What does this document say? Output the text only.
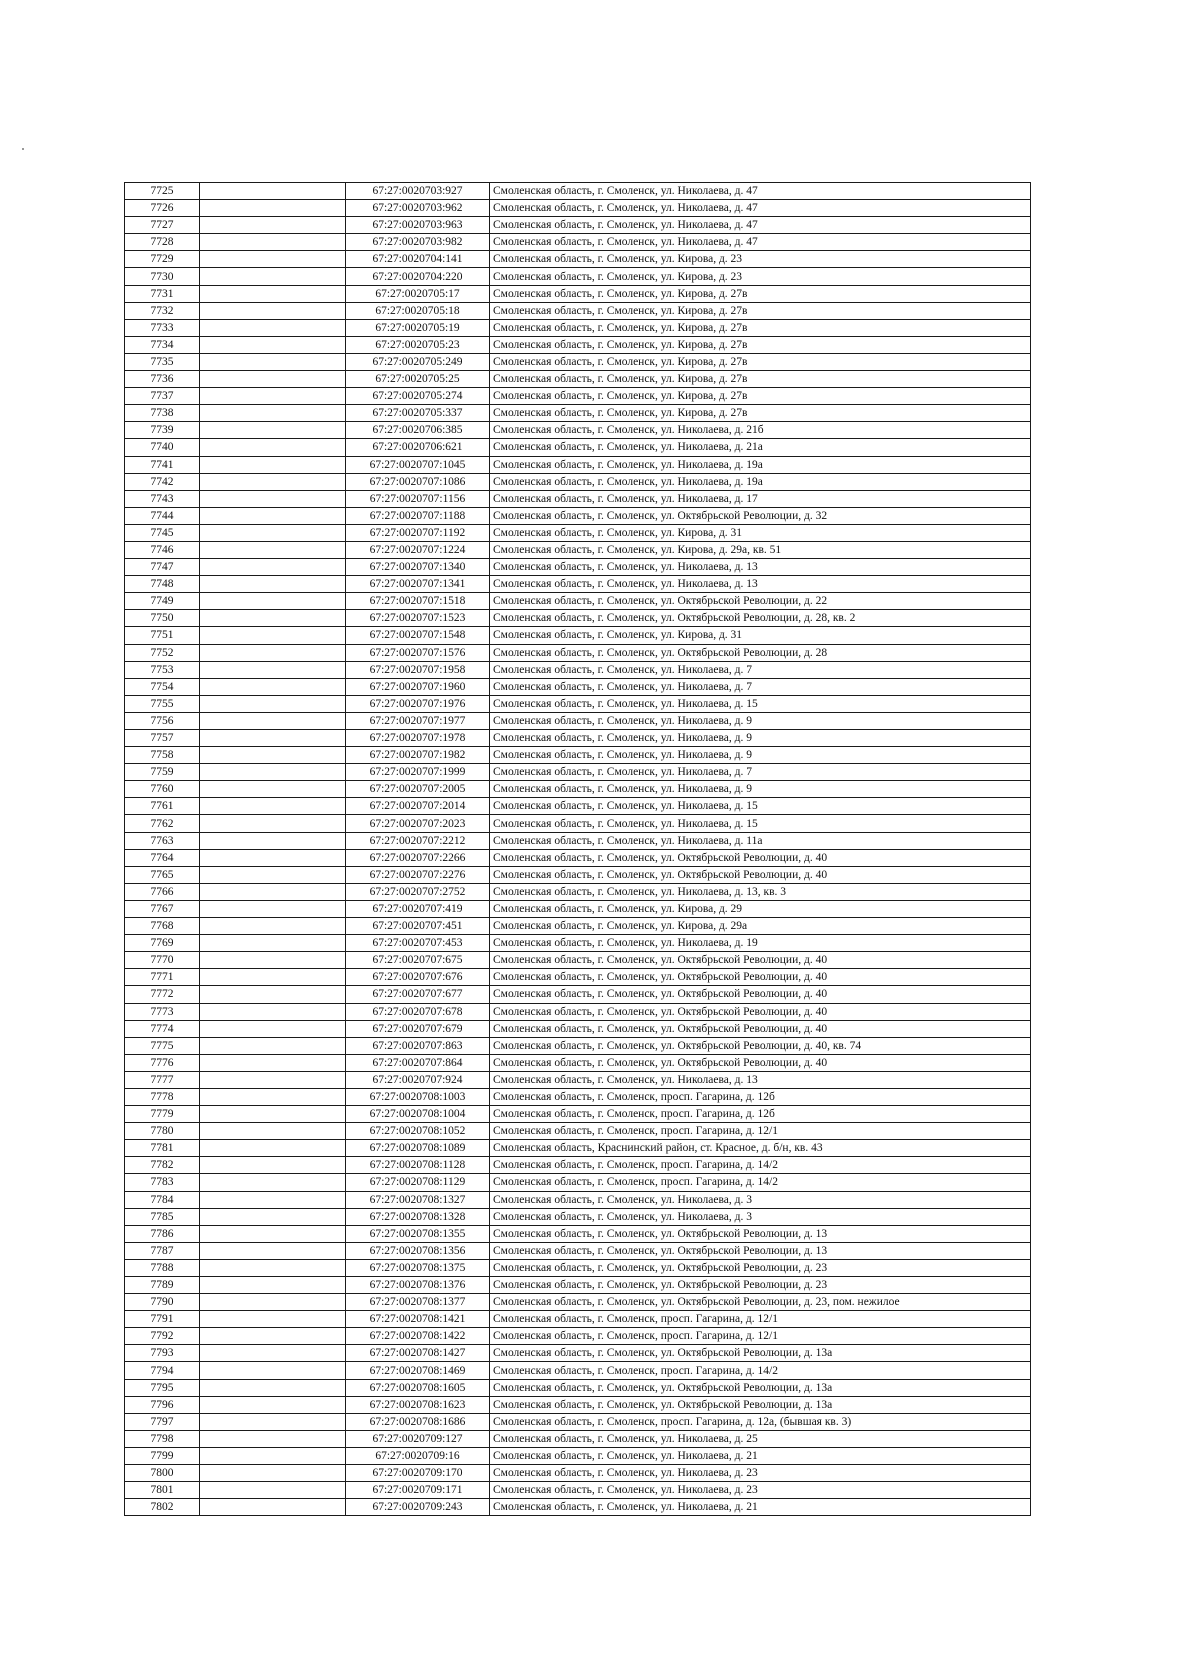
7725		67:27:0020703:927	Смоленская область, г. Смоленск, ул. Николаева, д. 47
7726		67:27:0020703:962	Смоленская область, г. Смоленск, ул. Николаева, д. 47
7727		67:27:0020703:963	Смоленская область, г. Смоленск, ул. Николаева, д. 47
7728		67:27:0020703:982	Смоленская область, г. Смоленск, ул. Николаева, д. 47
7729		67:27:0020704:141	Смоленская область, г. Смоленск, ул. Кирова, д. 23
7730		67:27:0020704:220	Смоленская область, г. Смоленск, ул. Кирова, д. 23
7731		67:27:0020705:17	Смоленская область, г. Смоленск, ул. Кирова, д. 27в
7732		67:27:0020705:18	Смоленская область, г. Смоленск, ул. Кирова, д. 27в
7733		67:27:0020705:19	Смоленская область, г. Смоленск, ул. Кирова, д. 27в
7734		67:27:0020705:23	Смоленская область, г. Смоленск, ул. Кирова, д. 27в
7735		67:27:0020705:249	Смоленская область, г. Смоленск, ул. Кирова, д. 27в
7736		67:27:0020705:25	Смоленская область, г. Смоленск, ул. Кирова, д. 27в
7737		67:27:0020705:274	Смоленская область, г. Смоленск, ул. Кирова, д. 27в
7738		67:27:0020705:337	Смоленская область, г. Смоленск, ул. Кирова, д. 27в
7739		67:27:0020706:385	Смоленская область, г. Смоленск, ул. Николаева, д. 21б
7740		67:27:0020706:621	Смоленская область, г. Смоленск, ул. Николаева, д. 21а
7741		67:27:0020707:1045	Смоленская область, г. Смоленск, ул. Николаева, д. 19а
7742		67:27:0020707:1086	Смоленская область, г. Смоленск, ул. Николаева, д. 19а
7743		67:27:0020707:1156	Смоленская область, г. Смоленск, ул. Николаева, д. 17
7744		67:27:0020707:1188	Смоленская область, г. Смоленск, ул. Октябрьской Революции, д. 32
7745		67:27:0020707:1192	Смоленская область, г. Смоленск, ул. Кирова, д. 31
7746		67:27:0020707:1224	Смоленская область, г. Смоленск, ул. Кирова, д. 29а, кв. 51
7747		67:27:0020707:1340	Смоленская область, г. Смоленск, ул. Николаева, д. 13
7748		67:27:0020707:1341	Смоленская область, г. Смоленск, ул. Николаева, д. 13
7749		67:27:0020707:1518	Смоленская область, г. Смоленск, ул. Октябрьской Революции, д. 22
7750		67:27:0020707:1523	Смоленская область, г. Смоленск, ул. Октябрьской Революции, д. 28, кв. 2
7751		67:27:0020707:1548	Смоленская область, г. Смоленск, ул. Кирова, д. 31
7752		67:27:0020707:1576	Смоленская область, г. Смоленск, ул. Октябрьской Революции, д. 28
7753		67:27:0020707:1958	Смоленская область, г. Смоленск, ул. Николаева, д. 7
7754		67:27:0020707:1960	Смоленская область, г. Смоленск, ул. Николаева, д. 7
7755		67:27:0020707:1976	Смоленская область, г. Смоленск, ул. Николаева, д. 15
7756		67:27:0020707:1977	Смоленская область, г. Смоленск, ул. Николаева, д. 9
7757		67:27:0020707:1978	Смоленская область, г. Смоленск, ул. Николаева, д. 9
7758		67:27:0020707:1982	Смоленская область, г. Смоленск, ул. Николаева, д. 9
7759		67:27:0020707:1999	Смоленская область, г. Смоленск, ул. Николаева, д. 7
7760		67:27:0020707:2005	Смоленская область, г. Смоленск, ул. Николаева, д. 9
7761		67:27:0020707:2014	Смоленская область, г. Смоленск, ул. Николаева, д. 15
7762		67:27:0020707:2023	Смоленская область, г. Смоленск, ул. Николаева, д. 15
7763		67:27:0020707:2212	Смоленская область, г. Смоленск, ул. Николаева, д. 11а
7764		67:27:0020707:2266	Смоленская область, г. Смоленск, ул. Октябрьской Революции, д. 40
7765		67:27:0020707:2276	Смоленская область, г. Смоленск, ул. Октябрьской Революции, д. 40
7766		67:27:0020707:2752	Смоленская область, г. Смоленск, ул. Николаева, д. 13, кв. 3
7767		67:27:0020707:419	Смоленская область, г. Смоленск, ул. Кирова, д. 29
7768		67:27:0020707:451	Смоленская область, г. Смоленск, ул. Кирова, д. 29а
7769		67:27:0020707:453	Смоленская область, г. Смоленск, ул. Николаева, д. 19
7770		67:27:0020707:675	Смоленская область, г. Смоленск, ул. Октябрьской Революции, д. 40
7771		67:27:0020707:676	Смоленская область, г. Смоленск, ул. Октябрьской Революции, д. 40
7772		67:27:0020707:677	Смоленская область, г. Смоленск, ул. Октябрьской Революции, д. 40
7773		67:27:0020707:678	Смоленская область, г. Смоленск, ул. Октябрьской Революции, д. 40
7774		67:27:0020707:679	Смоленская область, г. Смоленск, ул. Октябрьской Революции, д. 40
7775		67:27:0020707:863	Смоленская область, г. Смоленск, ул. Октябрьской Революции, д. 40, кв. 74
7776		67:27:0020707:864	Смоленская область, г. Смоленск, ул. Октябрьской Революции, д. 40
7777		67:27:0020707:924	Смоленская область, г. Смоленск, ул. Николаева, д. 13
7778		67:27:0020708:1003	Смоленская область, г. Смоленск, просп. Гагарина, д. 12б
7779		67:27:0020708:1004	Смоленская область, г. Смоленск, просп. Гагарина, д. 12б
7780		67:27:0020708:1052	Смоленская область, г. Смоленск, просп. Гагарина, д. 12/1
7781		67:27:0020708:1089	Смоленская область, Краснинский район, ст. Красное, д. б/н, кв. 43
7782		67:27:0020708:1128	Смоленская область, г. Смоленск, просп. Гагарина, д. 14/2
7783		67:27:0020708:1129	Смоленская область, г. Смоленск, просп. Гагарина, д. 14/2
7784		67:27:0020708:1327	Смоленская область, г. Смоленск, ул. Николаева, д. 3
7785		67:27:0020708:1328	Смоленская область, г. Смоленск, ул. Николаева, д. 3
7786		67:27:0020708:1355	Смоленская область, г. Смоленск, ул. Октябрьской Революции, д. 13
7787		67:27:0020708:1356	Смоленская область, г. Смоленск, ул. Октябрьской Революции, д. 13
7788		67:27:0020708:1375	Смоленская область, г. Смоленск, ул. Октябрьской Революции, д. 23
7789		67:27:0020708:1376	Смоленская область, г. Смоленск, ул. Октябрьской Революции, д. 23
7790		67:27:0020708:1377	Смоленская область, г. Смоленск, ул. Октябрьской Революции, д. 23, пом. нежилое
7791		67:27:0020708:1421	Смоленская область, г. Смоленск, просп. Гагарина, д. 12/1
7792		67:27:0020708:1422	Смоленская область, г. Смоленск, просп. Гагарина, д. 12/1
7793		67:27:0020708:1427	Смоленская область, г. Смоленск, ул. Октябрьской Революции, д. 13а
7794		67:27:0020708:1469	Смоленская область, г. Смоленск, просп. Гагарина, д. 14/2
7795		67:27:0020708:1605	Смоленская область, г. Смоленск, ул. Октябрьской Революции, д. 13а
7796		67:27:0020708:1623	Смоленская область, г. Смоленск, ул. Октябрьской Революции, д. 13а
7797		67:27:0020708:1686	Смоленская область, г. Смоленск, просп. Гагарина, д. 12а, (бывшая кв. 3)
7798		67:27:0020709:127	Смоленская область, г. Смоленск, ул. Николаева, д. 25
7799		67:27:0020709:16	Смоленская область, г. Смоленск, ул. Николаева, д. 21
7800		67:27:0020709:170	Смоленская область, г. Смоленск, ул. Николаева, д. 23
7801		67:27:0020709:171	Смоленская область, г. Смоленск, ул. Николаева, д. 23
7802		67:27:0020709:243	Смоленская область, г. Смоленск, ул. Николаева, д. 21
